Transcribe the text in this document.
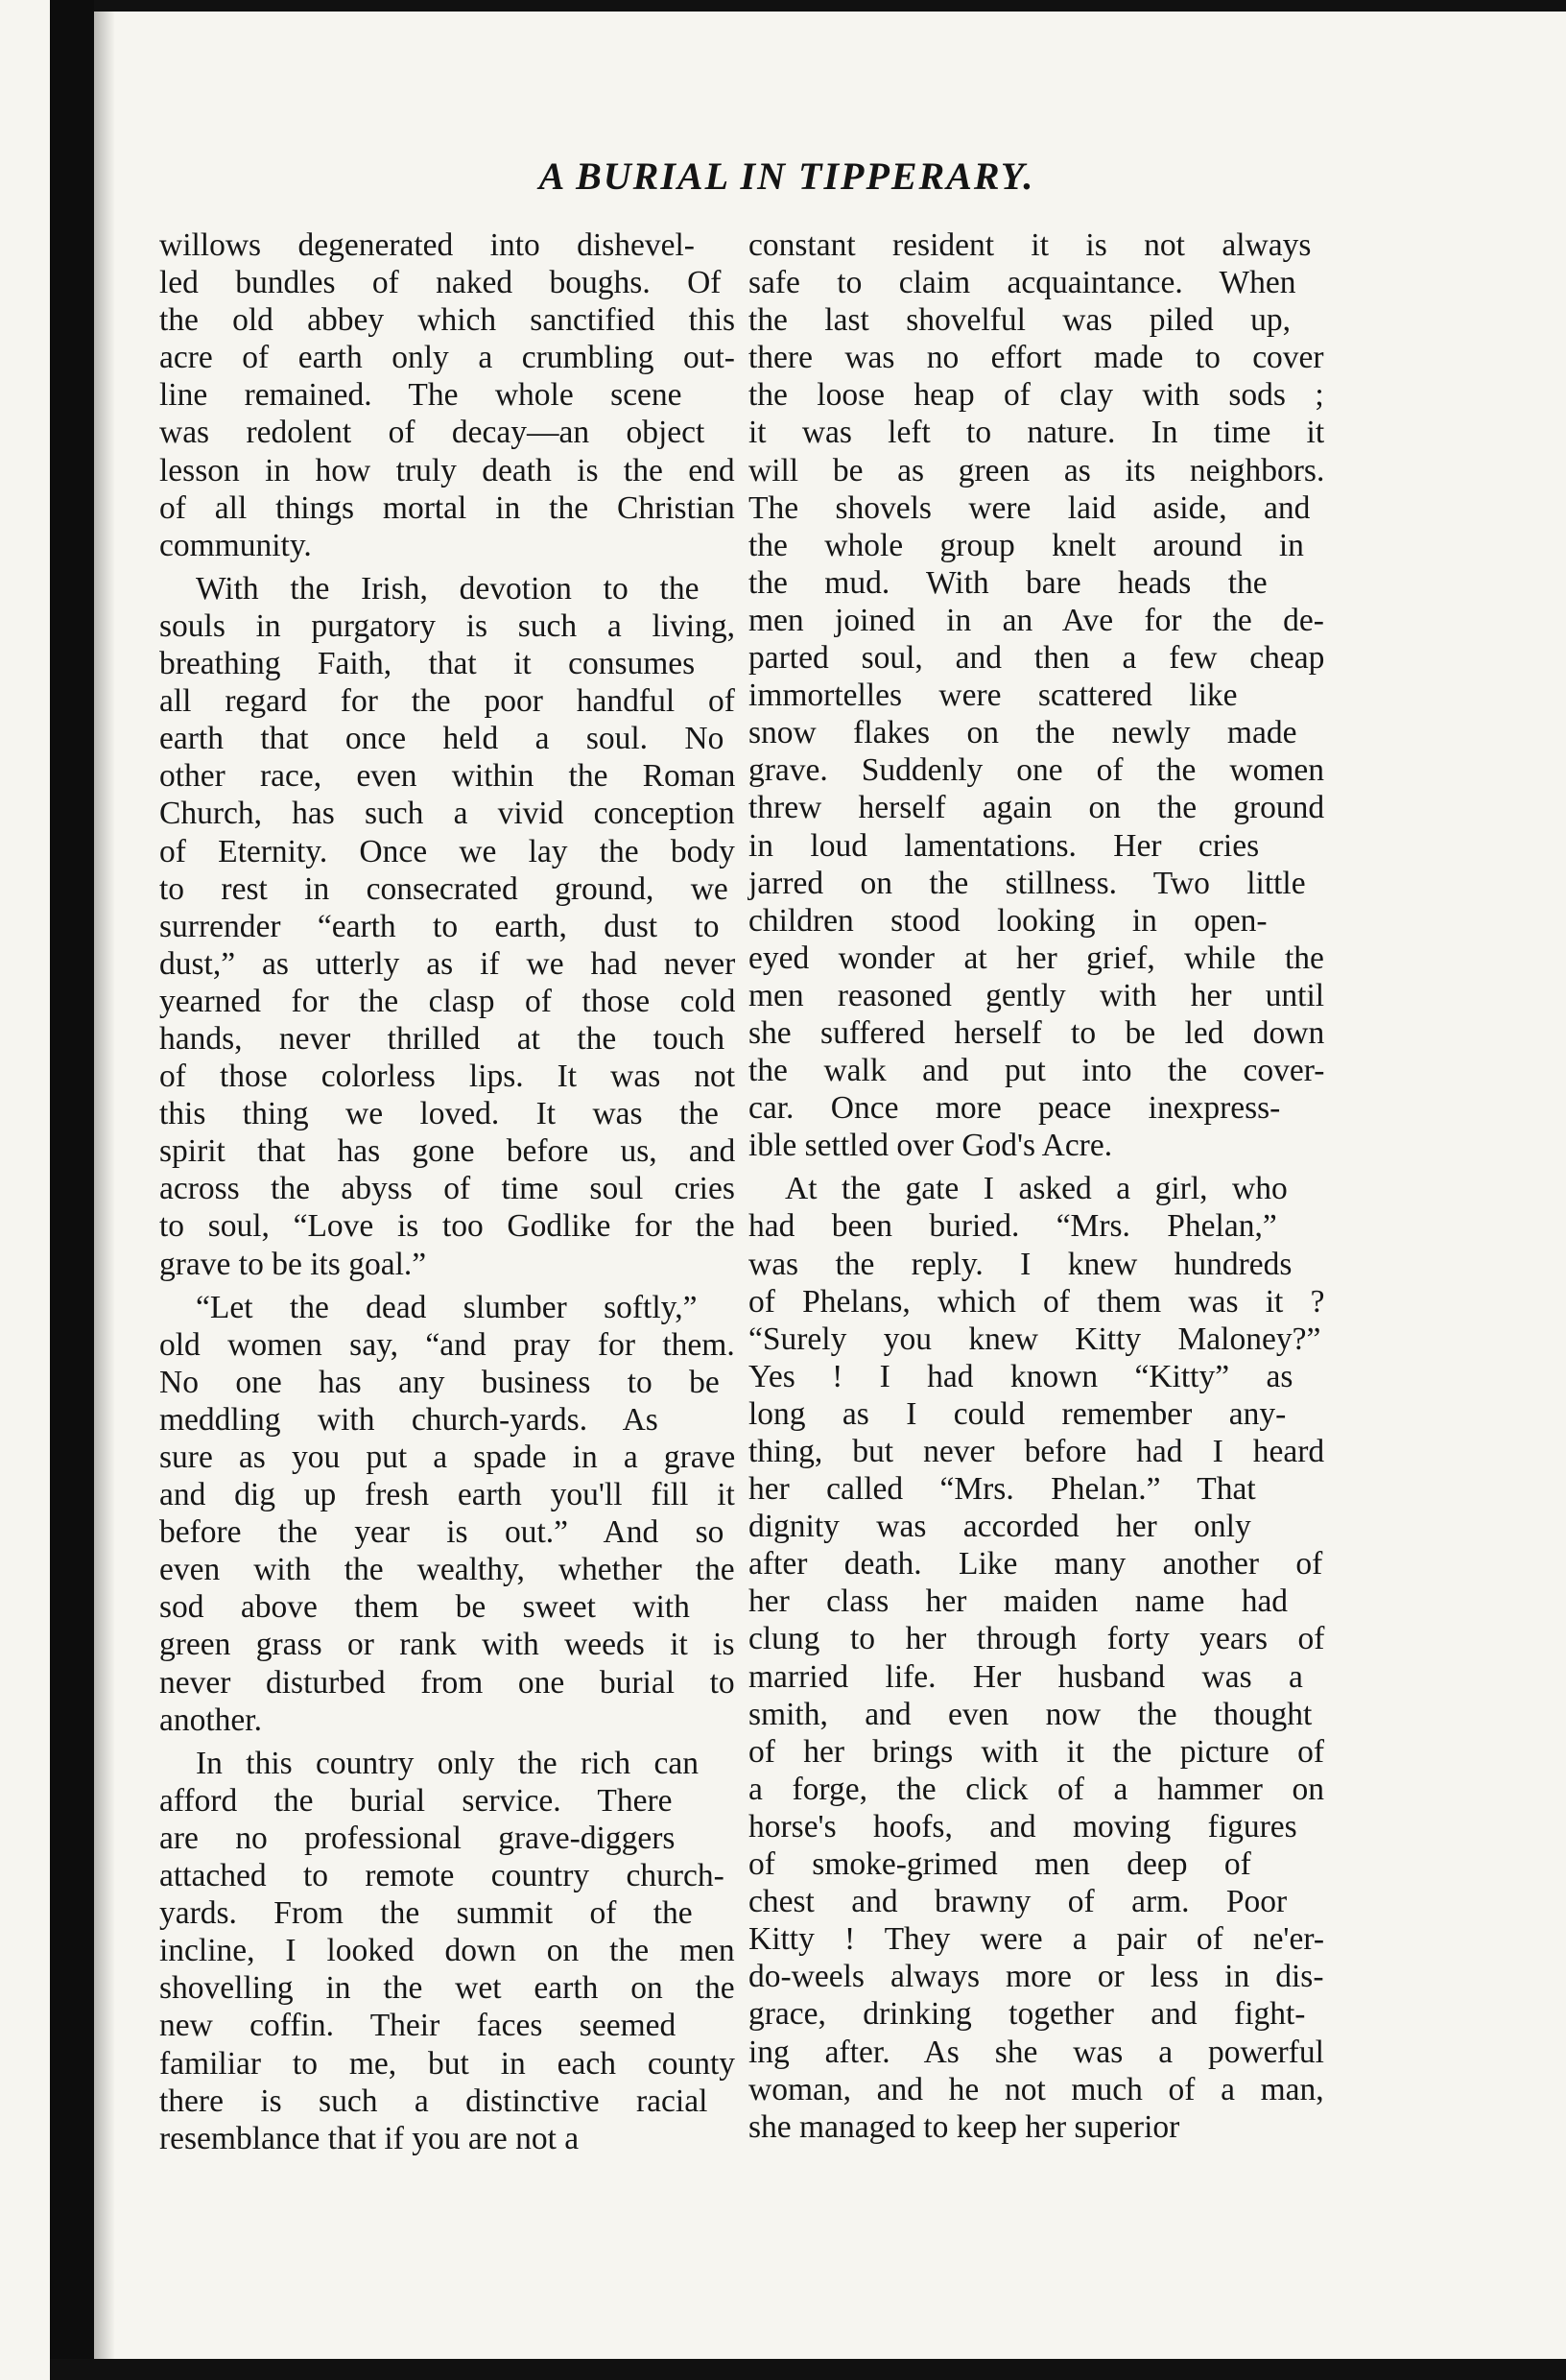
A BURIAL IN TIPPERARY.

willows degenerated into dishevel-
led bundles of naked boughs. Of
the old abbey which sanctified this
acre of earth only a crumbling out-
line remained. The whole scene
was redolent of decay—an object
lesson in how truly death is the end
of all things mortal in the Christian
community.

With the Irish, devotion to the
souls in purgatory is such a living,
breathing Faith, that it consumes
all regard for the poor handful of
earth that once held a soul. No
other race, even within the Roman
Church, has such a vivid conception
of Eternity. Once we lay the body
to rest in consecrated ground, we
surrender “earth to earth, dust to
dust,” as utterly as if we had never
yearned for the clasp of those cold
hands, never thrilled at the touch
of those colorless lips. It was not
this thing we loved. It was the
spirit that has gone before us, and
across the abyss of time soul cries
to soul, “Love is too Godlike for the
grave to be its goal.”

“Let the dead slumber softly,”
old women say, “and pray for them.
No one has any business to be
meddling with church-yards. As
sure as you put a spade in a grave
and dig up fresh earth you'll fill it
before the year is out.” And so
even with the wealthy, whether the
sod above them be sweet with
green grass or rank with weeds it is
never disturbed from one burial to
another.

In this country only the rich can
afford the burial service. There
are no professional grave-diggers
attached to remote country church-
yards. From the summit of the
incline, I looked down on the men
shovelling in the wet earth on the
new coffin. Their faces seemed
familiar to me, but in each county
there is such a distinctive racial
resemblance that if you are not a

constant resident it is not always
safe to claim acquaintance. When
the last shovelful was piled up,
there was no effort made to cover
the loose heap of clay with sods ;
it was left to nature. In time it
will be as green as its neighbors.
The shovels were laid aside, and
the whole group knelt around in
the mud. With bare heads the
men joined in an Ave for the de-
parted soul, and then a few cheap
immortelles were scattered like
snow flakes on the newly made
grave. Suddenly one of the women
threw herself again on the ground
in loud lamentations. Her cries
jarred on the stillness. Two little
children stood looking in open-
eyed wonder at her grief, while the
men reasoned gently with her until
she suffered herself to be led down
the walk and put into the cover-
car. Once more peace inexpress-
ible settled over God's Acre.

At the gate I asked a girl, who
had been buried. “Mrs. Phelan,”
was the reply. I knew hundreds
of Phelans, which of them was it ?
“Surely you knew Kitty Maloney?”
Yes ! I had known “Kitty” as
long as I could remember any-
thing, but never before had I heard
her called “Mrs. Phelan.” That
dignity was accorded her only
after death. Like many another of
her class her maiden name had
clung to her through forty years of
married life. Her husband was a
smith, and even now the thought
of her brings with it the picture of
a forge, the click of a hammer on
horse's hoofs, and moving figures
of smoke-grimed men deep of
chest and brawny of arm. Poor
Kitty ! They were a pair of ne'er-
do-weels always more or less in dis-
grace, drinking together and fight-
ing after. As she was a powerful
woman, and he not much of a man,
she managed to keep her superior
